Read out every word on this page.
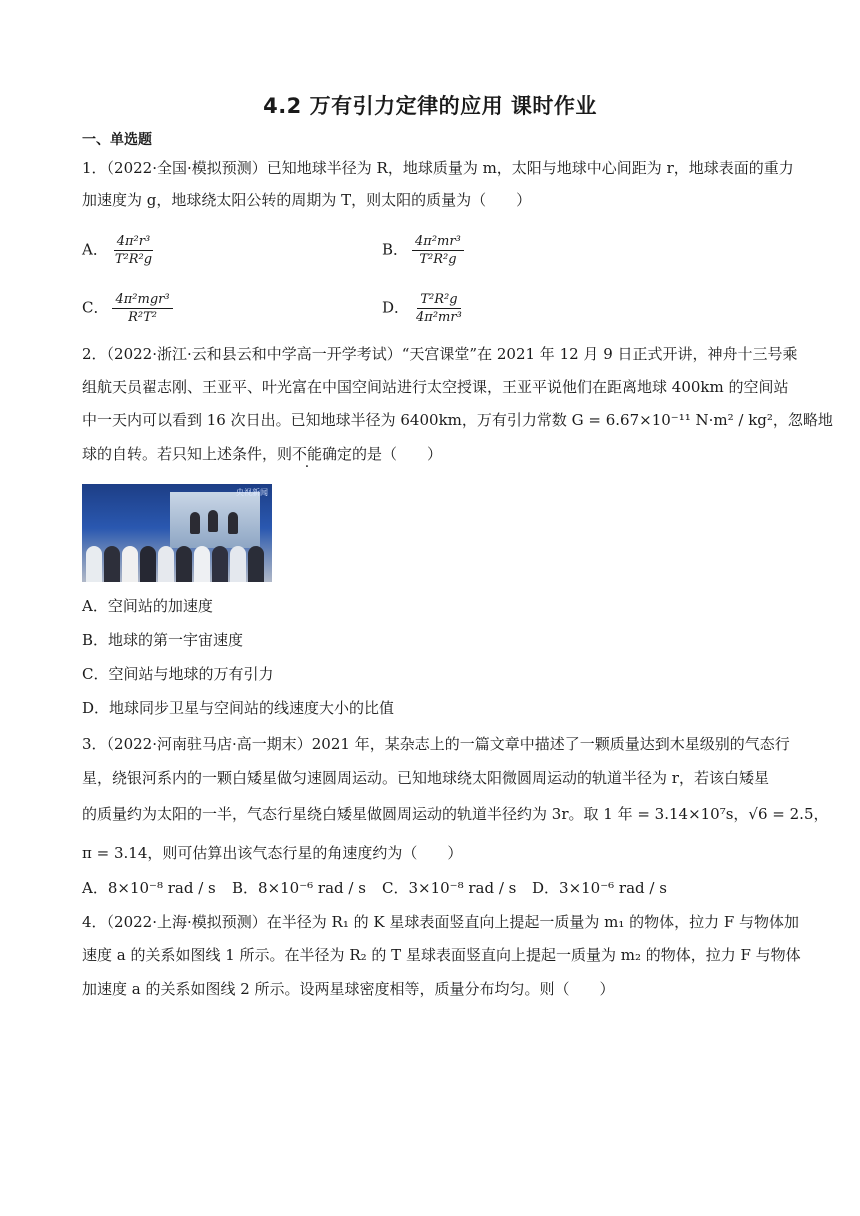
4.2 万有引力定律的应用 课时作业
一、单选题
1．（2022·全国·模拟预测）已知地球半径为 R，地球质量为 m，太阳与地球中心间距为 r，地球表面的重力
加速度为 g，地球绕太阳公转的周期为 T，则太阳的质量为（　　）
A． $\frac{\text{4π²r³}}{\text{T²R²g}}$	B． $\frac{\text{4π²mr³}}{\text{T²R²g}}$
C． $\frac{\text{4π²mgr³}}{\text{R²T²}}$	D． $\frac{\text{T²R²g}}{\text{4π²mr³}}$
2．（2022·浙江·云和县云和中学高一开学考试）“天宫课堂”在 2021 年 12 月 9 日正式开讲，神舟十三号乘
组航天员翟志刚、王亚平、叶光富在中国空间站进行太空授课，王亚平说他们在距离地球 400km 的空间站
中一天内可以看到 16 次日出。已知地球半径为 6400km，万有引力常数 G = 6.67×10⁻¹¹ N·m² / kg²，忽略地
球的自转。若只知上述条件，则不能确定的是（　　）
央视新闻
A．空间站的加速度
B．地球的第一宇宙速度
C．空间站与地球的万有引力
D．地球同步卫星与空间站的线速度大小的比值
3．（2022·河南驻马店·高一期末）2021 年，某杂志上的一篇文章中描述了一颗质量达到木星级别的气态行
星，绕银河系内的一颗白矮星做匀速圆周运动。已知地球绕太阳微圆周运动的轨道半径为 r，若该白矮星
的质量约为太阳的一半，气态行星绕白矮星做圆周运动的轨道半径约为 3r。取 1 年 = 3.14×10⁷s，√6 = 2.5，
π = 3.14，则可估算出该气态行星的角速度约为（　　）
A．8×10⁻⁸ rad / s B．8×10⁻⁶ rad / s C．3×10⁻⁸ rad / s D．3×10⁻⁶ rad / s
4．（2022·上海·模拟预测）在半径为 R₁ 的 K 星球表面竖直向上提起一质量为 m₁ 的物体，拉力 F 与物体加
速度 a 的关系如图线 1 所示。在半径为 R₂ 的 T 星球表面竖直向上提起一质量为 m₂ 的物体，拉力 F 与物体
加速度 a 的关系如图线 2 所示。设两星球密度相等，质量分布均匀。则（　　）
